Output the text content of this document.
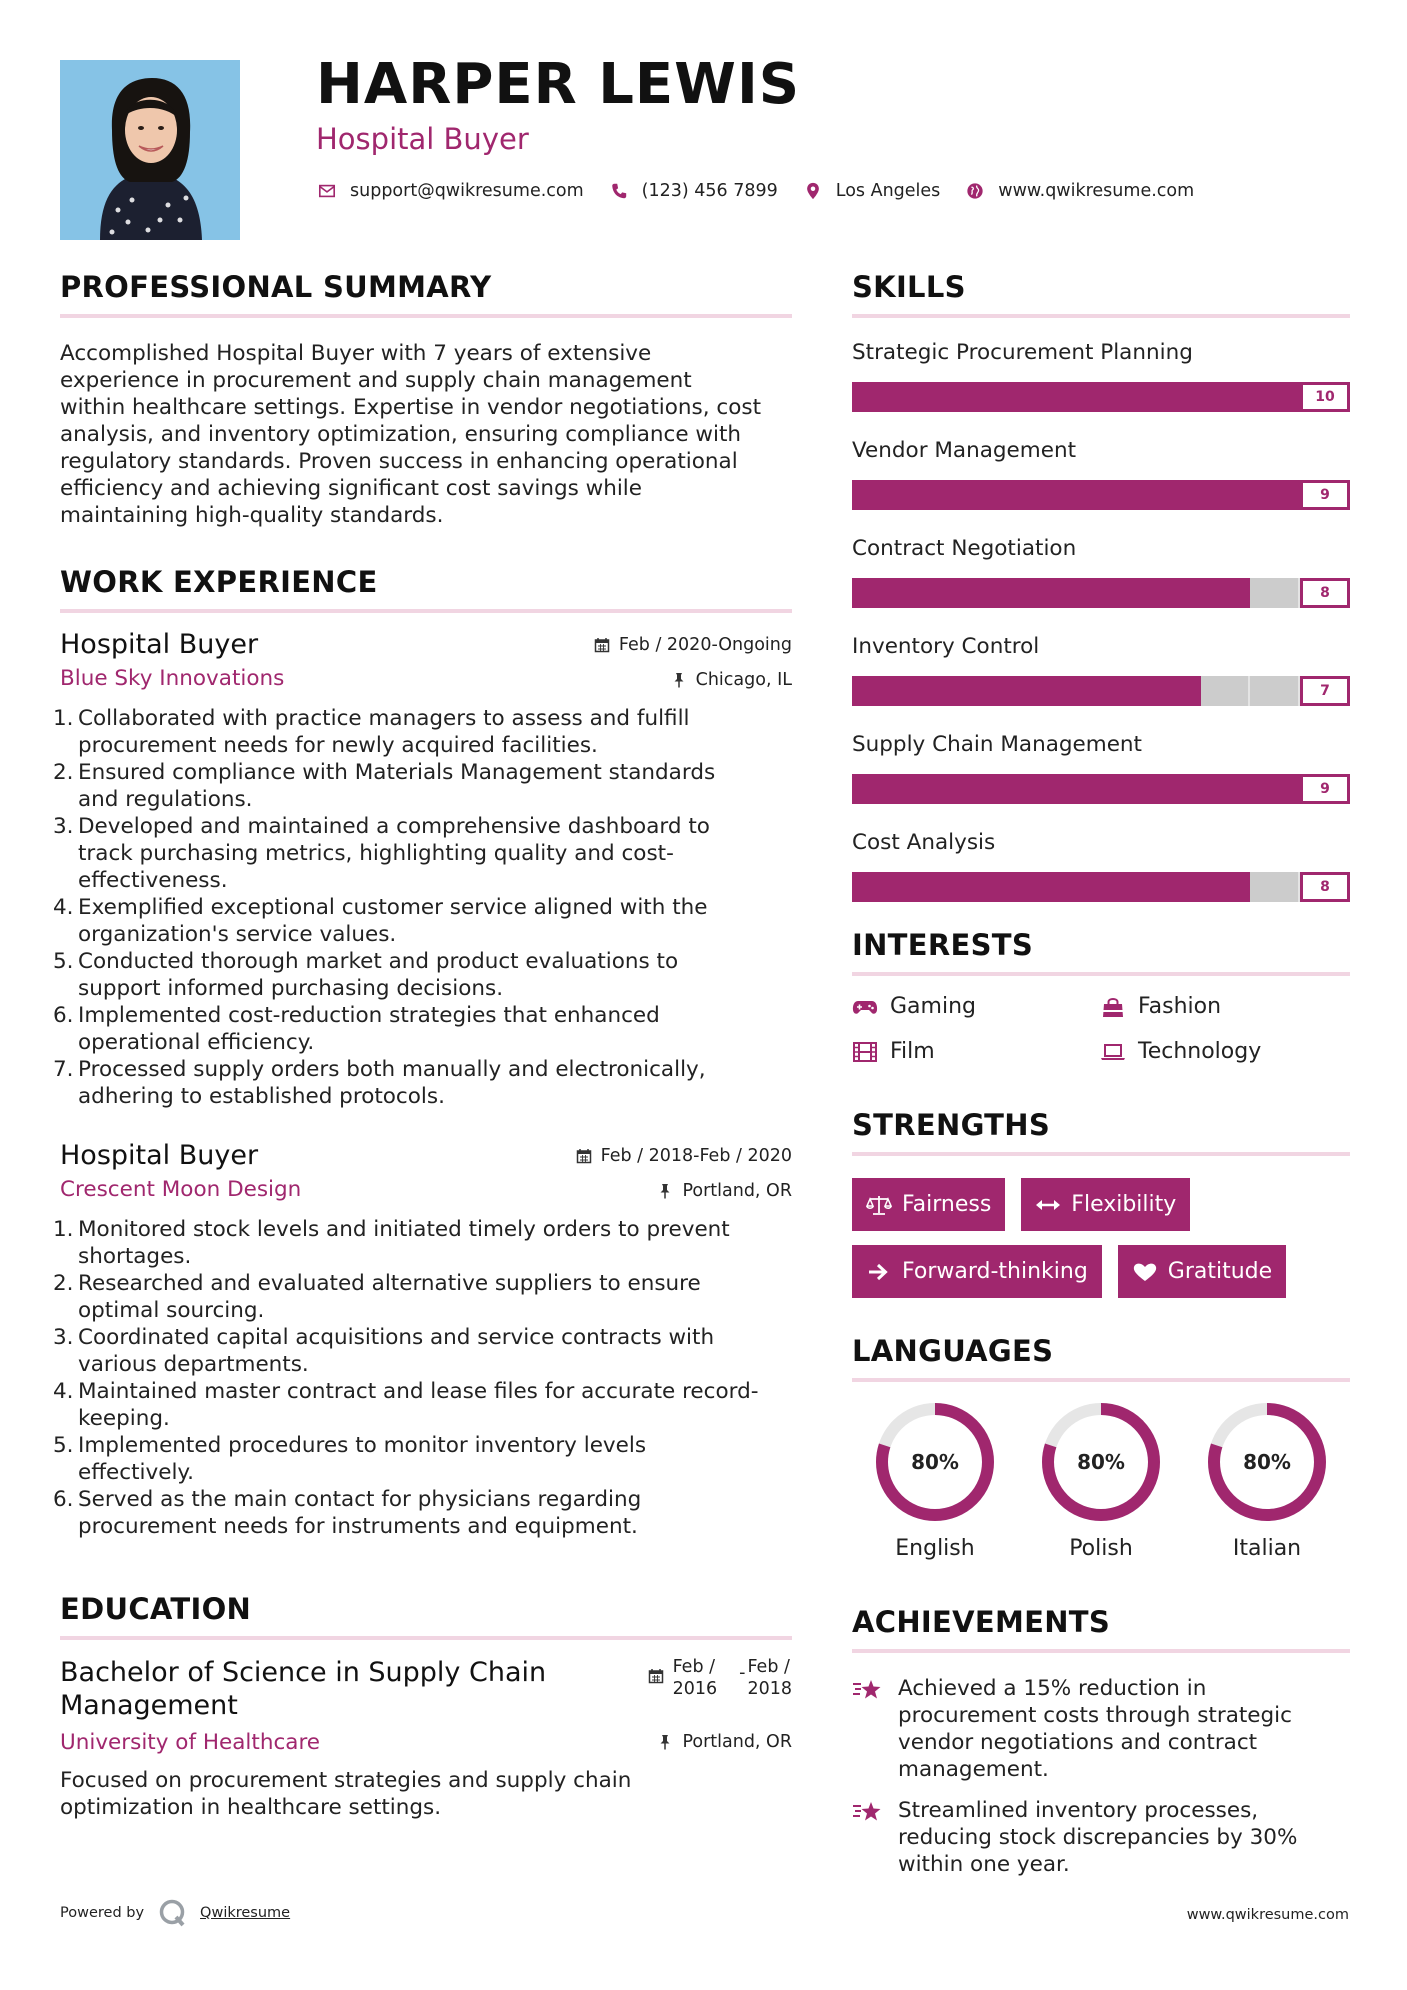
HARPER LEWIS
Hospital Buyer
support@qwikresume.com	(123) 456 7899	Los Angeles	www.qwikresume.com
PROFESSIONAL SUMMARY
Accomplished Hospital Buyer with 7 years of extensive
experience in procurement and supply chain management
within healthcare settings. Expertise in vendor negotiations, cost
analysis, and inventory optimization, ensuring compliance with
regulatory standards. Proven success in enhancing operational
efficiency and achieving significant cost savings while
maintaining high-quality standards.
WORK EXPERIENCE
Hospital Buyer	Feb / 2020-Ongoing
Blue Sky Innovations	Chicago, IL
1. Collaborated with practice managers to assess and fulfill
procurement needs for newly acquired facilities.
2. Ensured compliance with Materials Management standards
and regulations.
3. Developed and maintained a comprehensive dashboard to
track purchasing metrics, highlighting quality and cost-
effectiveness.
4. Exemplified exceptional customer service aligned with the
organization's service values.
5. Conducted thorough market and product evaluations to
support informed purchasing decisions.
6. Implemented cost-reduction strategies that enhanced
operational efficiency.
7. Processed supply orders both manually and electronically,
adhering to established protocols.
Hospital Buyer	Feb / 2018-Feb / 2020
Crescent Moon Design	Portland, OR
1. Monitored stock levels and initiated timely orders to prevent
shortages.
2. Researched and evaluated alternative suppliers to ensure
optimal sourcing.
3. Coordinated capital acquisitions and service contracts with
various departments.
4. Maintained master contract and lease files for accurate record-
keeping.
5. Implemented procedures to monitor inventory levels
effectively.
6. Served as the main contact for physicians regarding
procurement needs for instruments and equipment.
EDUCATION
Bachelor of Science in Supply Chain
Management
Feb /
2016
- Feb /
2018
University of Healthcare	Portland, OR
Focused on procurement strategies and supply chain
optimization in healthcare settings.
SKILLS
Strategic Procurement Planning
10
Vendor Management
9
Contract Negotiation
8
Inventory Control
7
Supply Chain Management
9
Cost Analysis
8
INTERESTS
Gaming	Fashion
Film	Technology
STRENGTHS
Fairness	Flexibility
Forward-thinking	Gratitude
LANGUAGES
80%
English
80%
Polish
80%
Italian
ACHIEVEMENTS
Achieved a 15% reduction in
procurement costs through strategic
vendor negotiations and contract
management.
Streamlined inventory processes,
reducing stock discrepancies by 30%
within one year.
Powered by	Qwikresume	www.qwikresume.com
